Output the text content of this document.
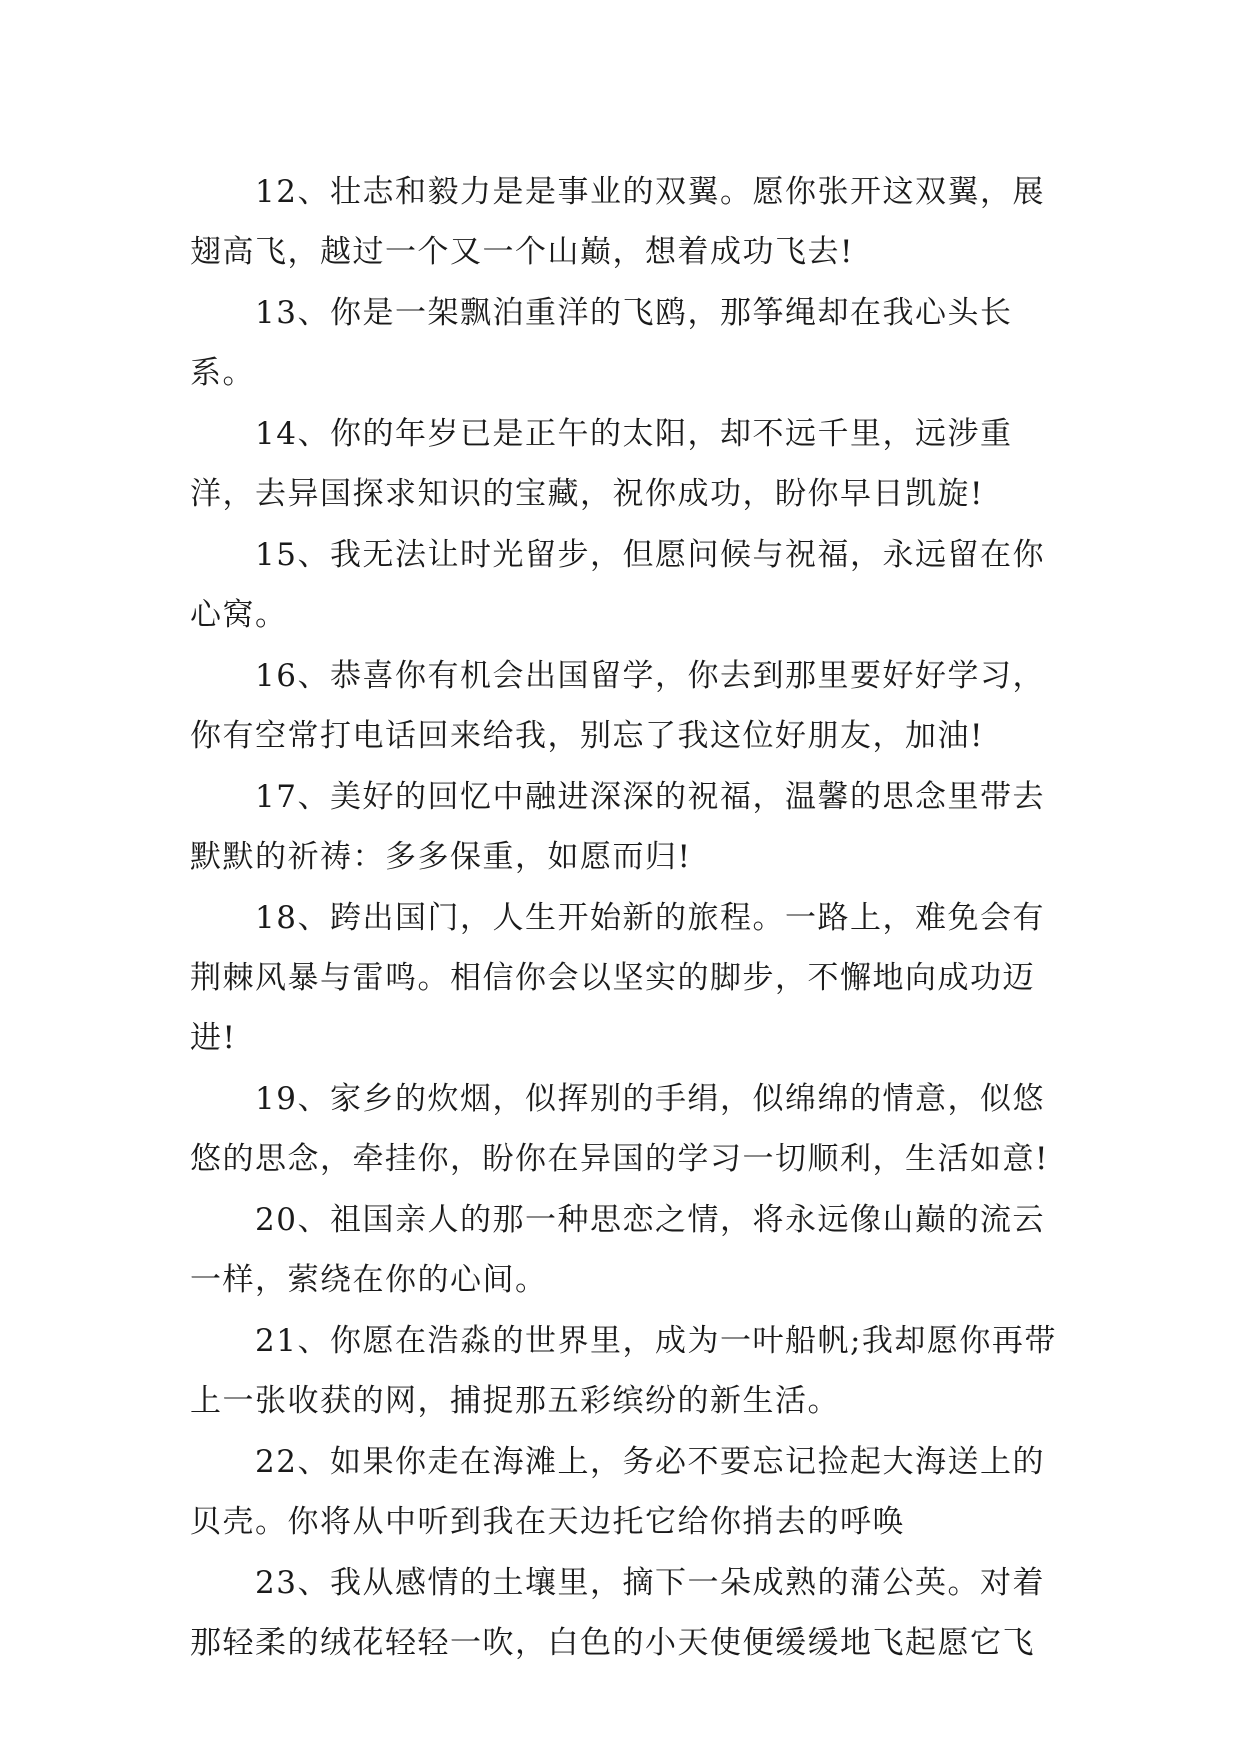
12、壮志和毅力是是事业的双翼。愿你张开这双翼，展翅高飞，越过一个又一个山巅，想着成功飞去!

13、你是一架飘泊重洋的飞鸥，那筝绳却在我心头长系。

14、你的年岁已是正午的太阳，却不远千里，远涉重洋，去异国探求知识的宝藏，祝你成功，盼你早日凯旋!

15、我无法让时光留步，但愿问候与祝福，永远留在你心窝。

16、恭喜你有机会出国留学，你去到那里要好好学习，你有空常打电话回来给我，别忘了我这位好朋友，加油!

17、美好的回忆中融进深深的祝福，温馨的思念里带去默默的祈祷：多多保重，如愿而归!

18、跨出国门，人生开始新的旅程。一路上，难免会有荆棘风暴与雷鸣。相信你会以坚实的脚步，不懈地向成功迈进!

19、家乡的炊烟，似挥别的手绢，似绵绵的情意，似悠悠的思念，牵挂你，盼你在异国的学习一切顺利，生活如意!

20、祖国亲人的那一种思恋之情，将永远像山巅的流云一样，萦绕在你的心间。

21、你愿在浩淼的世界里，成为一叶船帆;我却愿你再带上一张收获的网，捕捉那五彩缤纷的新生活。

22、如果你走在海滩上，务必不要忘记捡起大海送上的贝壳。你将从中听到我在天边托它给你捎去的呼唤

23、我从感情的土壤里，摘下一朵成熟的蒲公英。对着那轻柔的绒花轻轻一吹，白色的小天使便缓缓地飞起愿它飞
